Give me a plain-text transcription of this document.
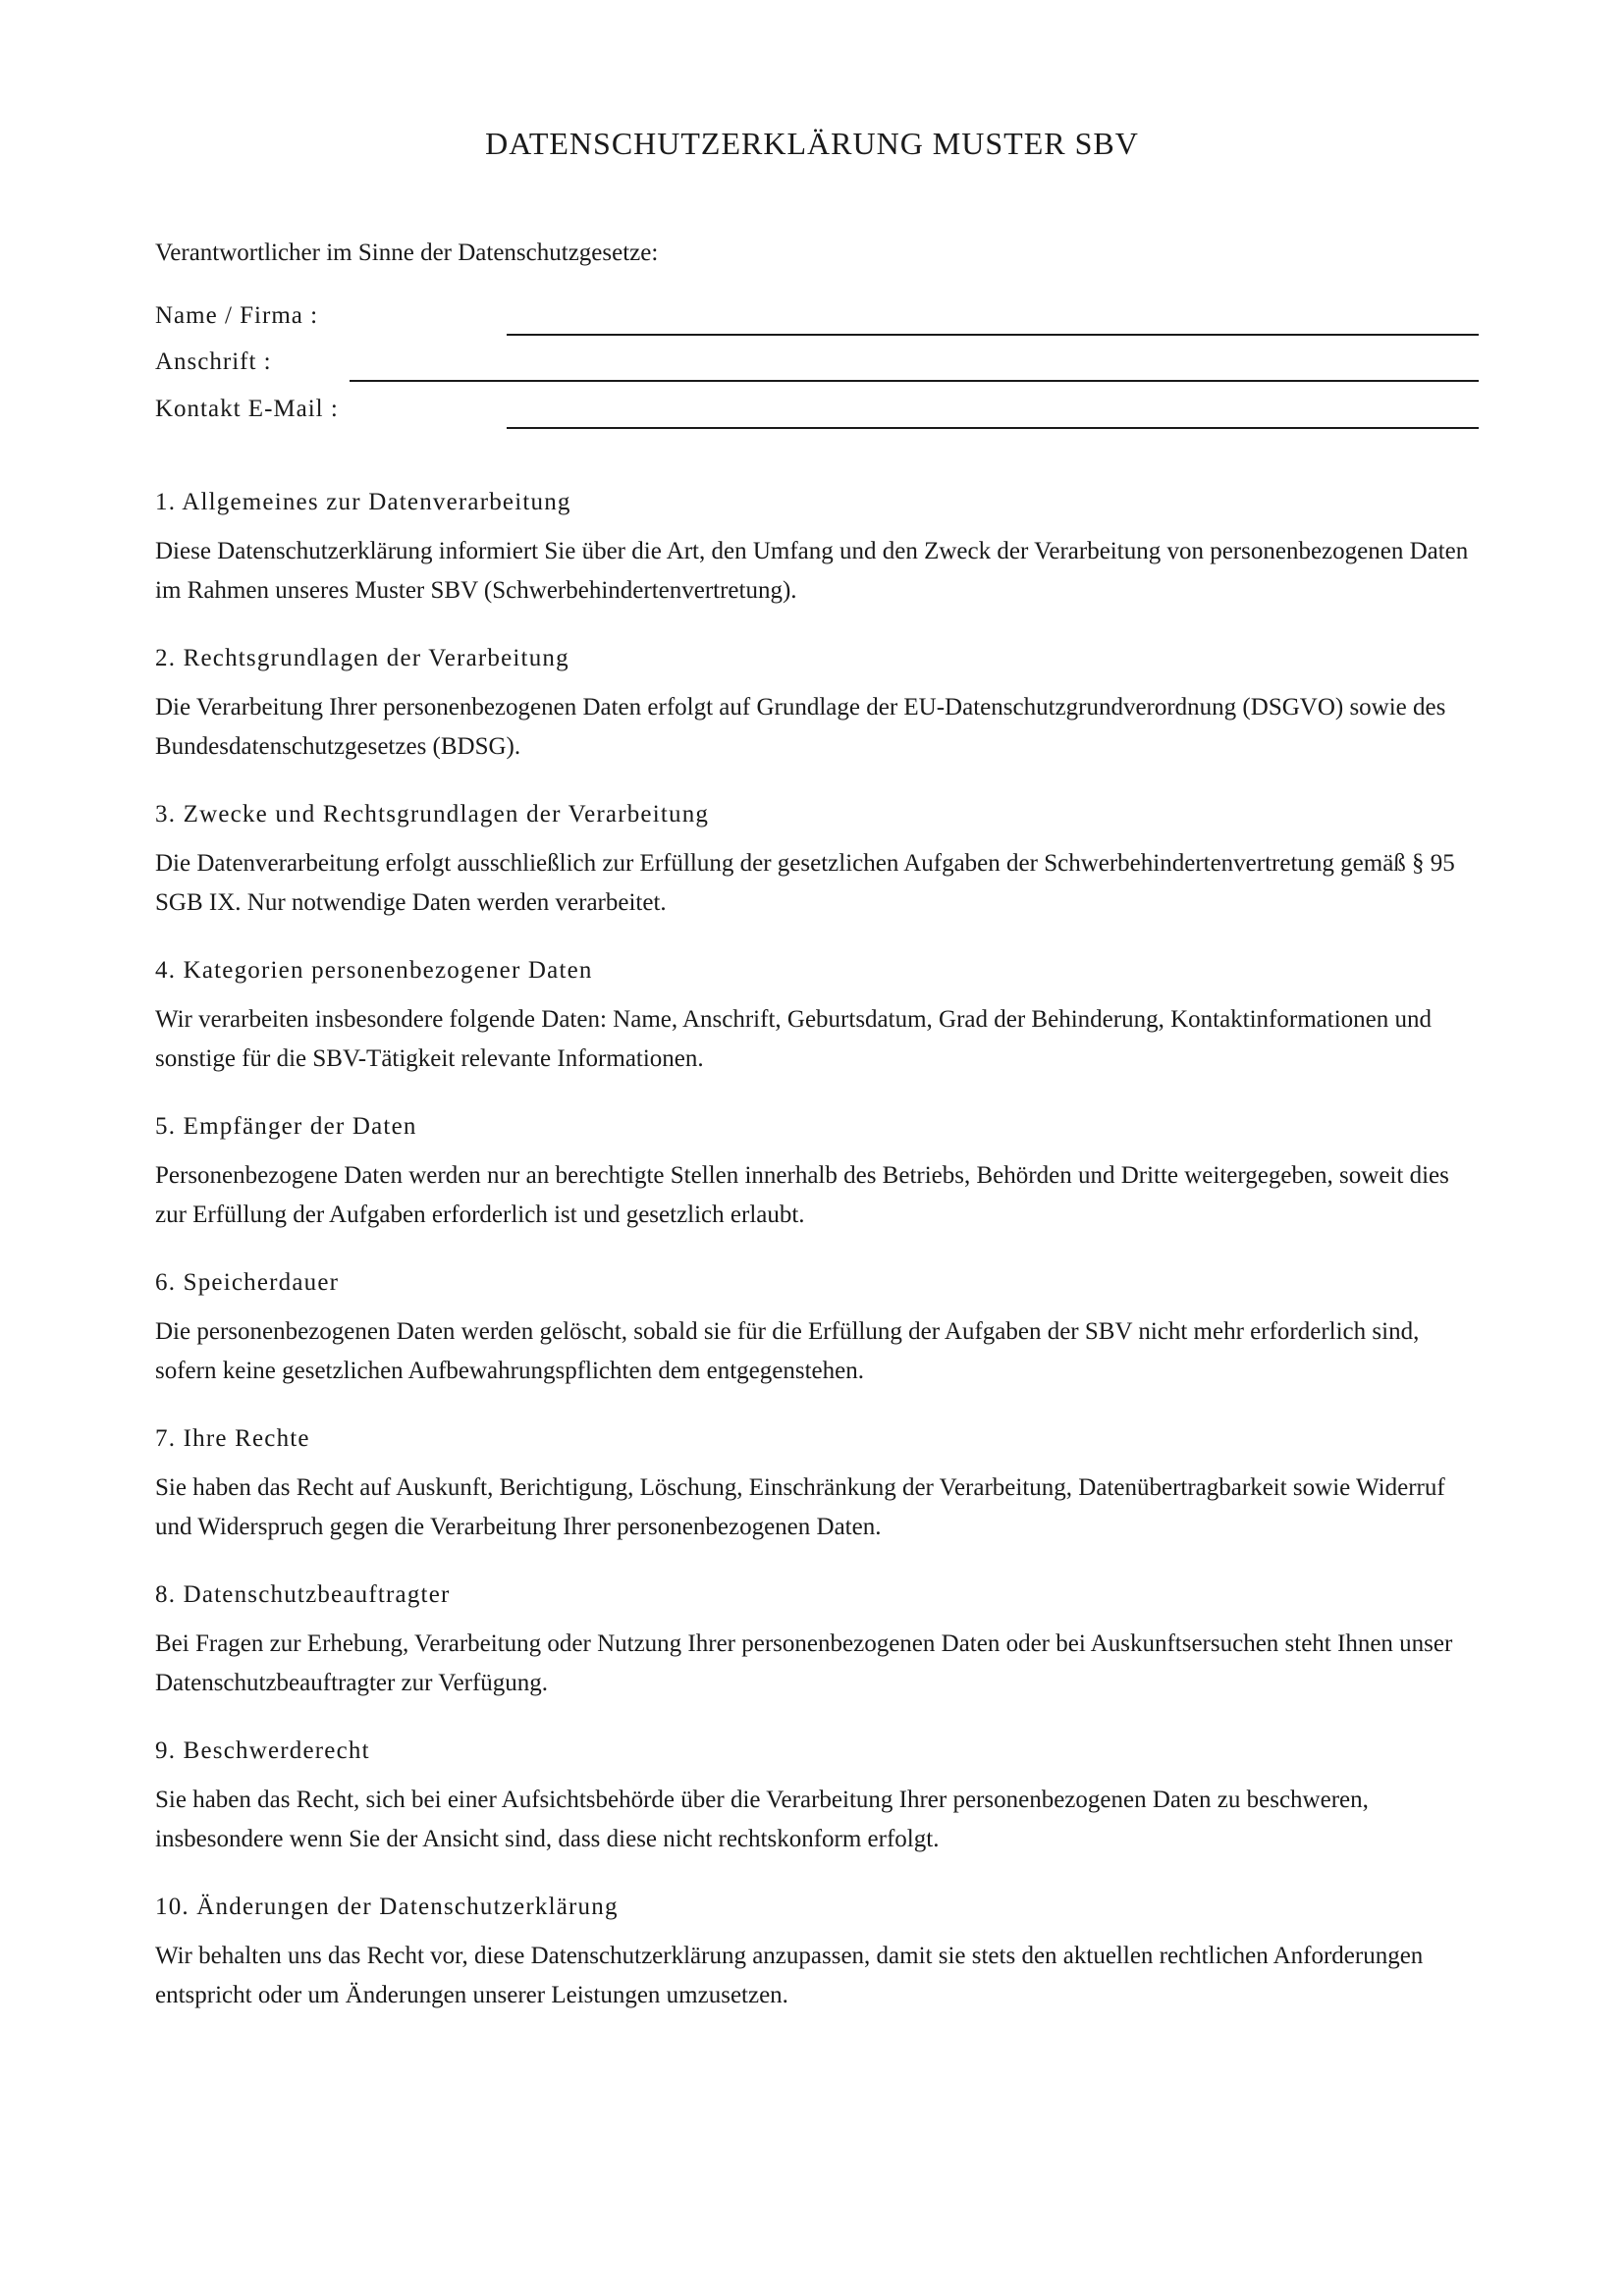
DATENSCHUTZERKLÄRUNG MUSTER SBV
Verantwortlicher im Sinne der Datenschutzgesetze:
Name / Firma :
Anschrift :
Kontakt E-Mail :
1. Allgemeines zur Datenverarbeitung
Diese Datenschutzerklärung informiert Sie über die Art, den Umfang und den Zweck der Verarbeitung von personenbezogenen Daten im Rahmen unseres Muster SBV (Schwerbehindertenvertretung).
2. Rechtsgrundlagen der Verarbeitung
Die Verarbeitung Ihrer personenbezogenen Daten erfolgt auf Grundlage der EU-Datenschutzgrundverordnung (DSGVO) sowie des Bundesdatenschutzgesetzes (BDSG).
3. Zwecke und Rechtsgrundlagen der Verarbeitung
Die Datenverarbeitung erfolgt ausschließlich zur Erfüllung der gesetzlichen Aufgaben der Schwerbehindertenvertretung gemäß § 95 SGB IX. Nur notwendige Daten werden verarbeitet.
4. Kategorien personenbezogener Daten
Wir verarbeiten insbesondere folgende Daten: Name, Anschrift, Geburtsdatum, Grad der Behinderung, Kontaktinformationen und sonstige für die SBV-Tätigkeit relevante Informationen.
5. Empfänger der Daten
Personenbezogene Daten werden nur an berechtigte Stellen innerhalb des Betriebs, Behörden und Dritte weitergegeben, soweit dies zur Erfüllung der Aufgaben erforderlich ist und gesetzlich erlaubt.
6. Speicherdauer
Die personenbezogenen Daten werden gelöscht, sobald sie für die Erfüllung der Aufgaben der SBV nicht mehr erforderlich sind, sofern keine gesetzlichen Aufbewahrungspflichten dem entgegenstehen.
7. Ihre Rechte
Sie haben das Recht auf Auskunft, Berichtigung, Löschung, Einschränkung der Verarbeitung, Datenübertragbarkeit sowie Widerruf und Widerspruch gegen die Verarbeitung Ihrer personenbezogenen Daten.
8. Datenschutzbeauftragter
Bei Fragen zur Erhebung, Verarbeitung oder Nutzung Ihrer personenbezogenen Daten oder bei Auskunftsersuchen steht Ihnen unser Datenschutzbeauftragter zur Verfügung.
9. Beschwerderecht
Sie haben das Recht, sich bei einer Aufsichtsbehörde über die Verarbeitung Ihrer personenbezogenen Daten zu beschweren, insbesondere wenn Sie der Ansicht sind, dass diese nicht rechtskonform erfolgt.
10. Änderungen der Datenschutzerklärung
Wir behalten uns das Recht vor, diese Datenschutzerklärung anzupassen, damit sie stets den aktuellen rechtlichen Anforderungen entspricht oder um Änderungen unserer Leistungen umzusetzen.
